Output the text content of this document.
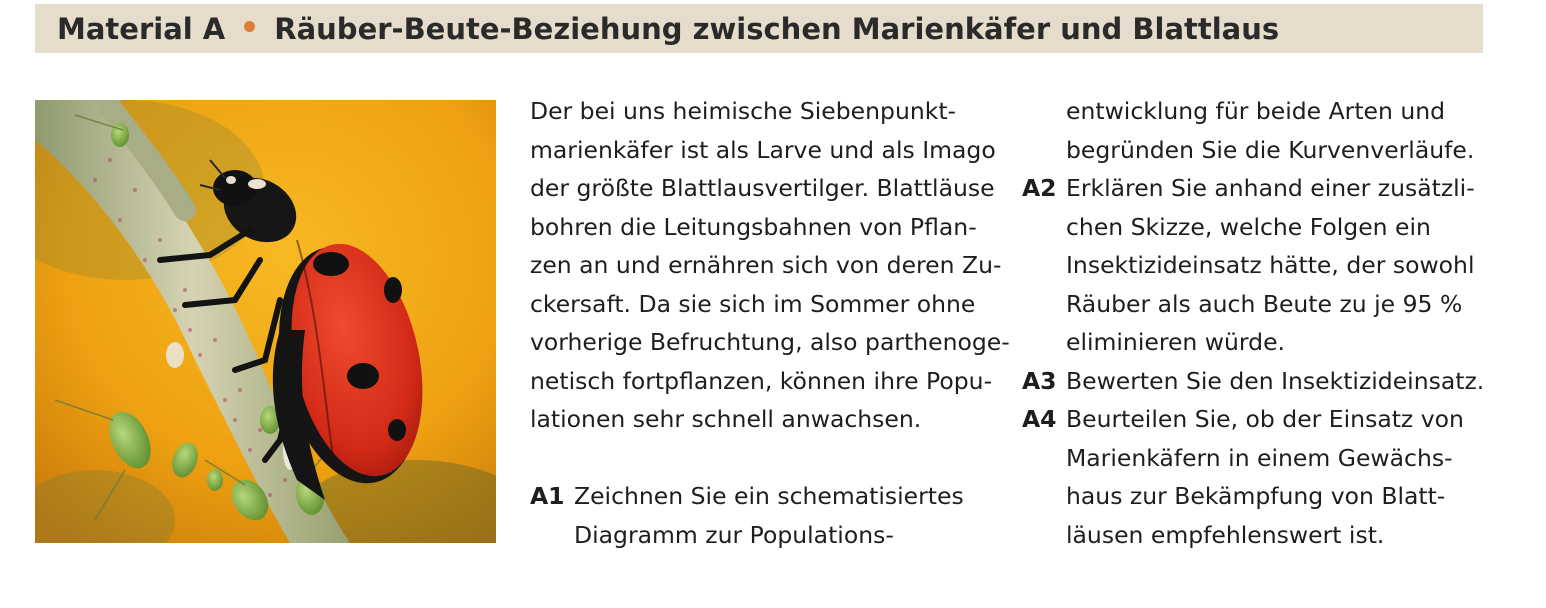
Material A Räuber-Beute-Beziehung zwischen Marienkäfer und Blattlaus
Der bei uns heimische Siebenpunkt-
marienkäfer ist als Larve und als Imago
der größte Blattlausvertilger. Blattläuse
bohren die Leitungsbahnen von Pflan-
zen an und ernähren sich von deren Zu-
ckersaft. Da sie sich im Sommer ohne
vorherige Befruchtung, also parthenoge-
netisch fortpflanzen, können ihre Popu-
lationen sehr schnell anwachsen.
A1 Zeichnen Sie ein schematisiertes
Diagramm zur Populations-
entwicklung für beide Arten und
begründen Sie die Kurvenverläufe.
A2 Erklären Sie anhand einer zusätzli-
chen Skizze, welche Folgen ein
Insektizideinsatz hätte, der sowohl
Räuber als auch Beute zu je 95 %
eliminieren würde.
A3 Bewerten Sie den Insektizideinsatz.
A4 Beurteilen Sie, ob der Einsatz von
Marienkäfern in einem Gewächs-
haus zur Bekämpfung von Blatt-
läusen empfehlenswert ist.
